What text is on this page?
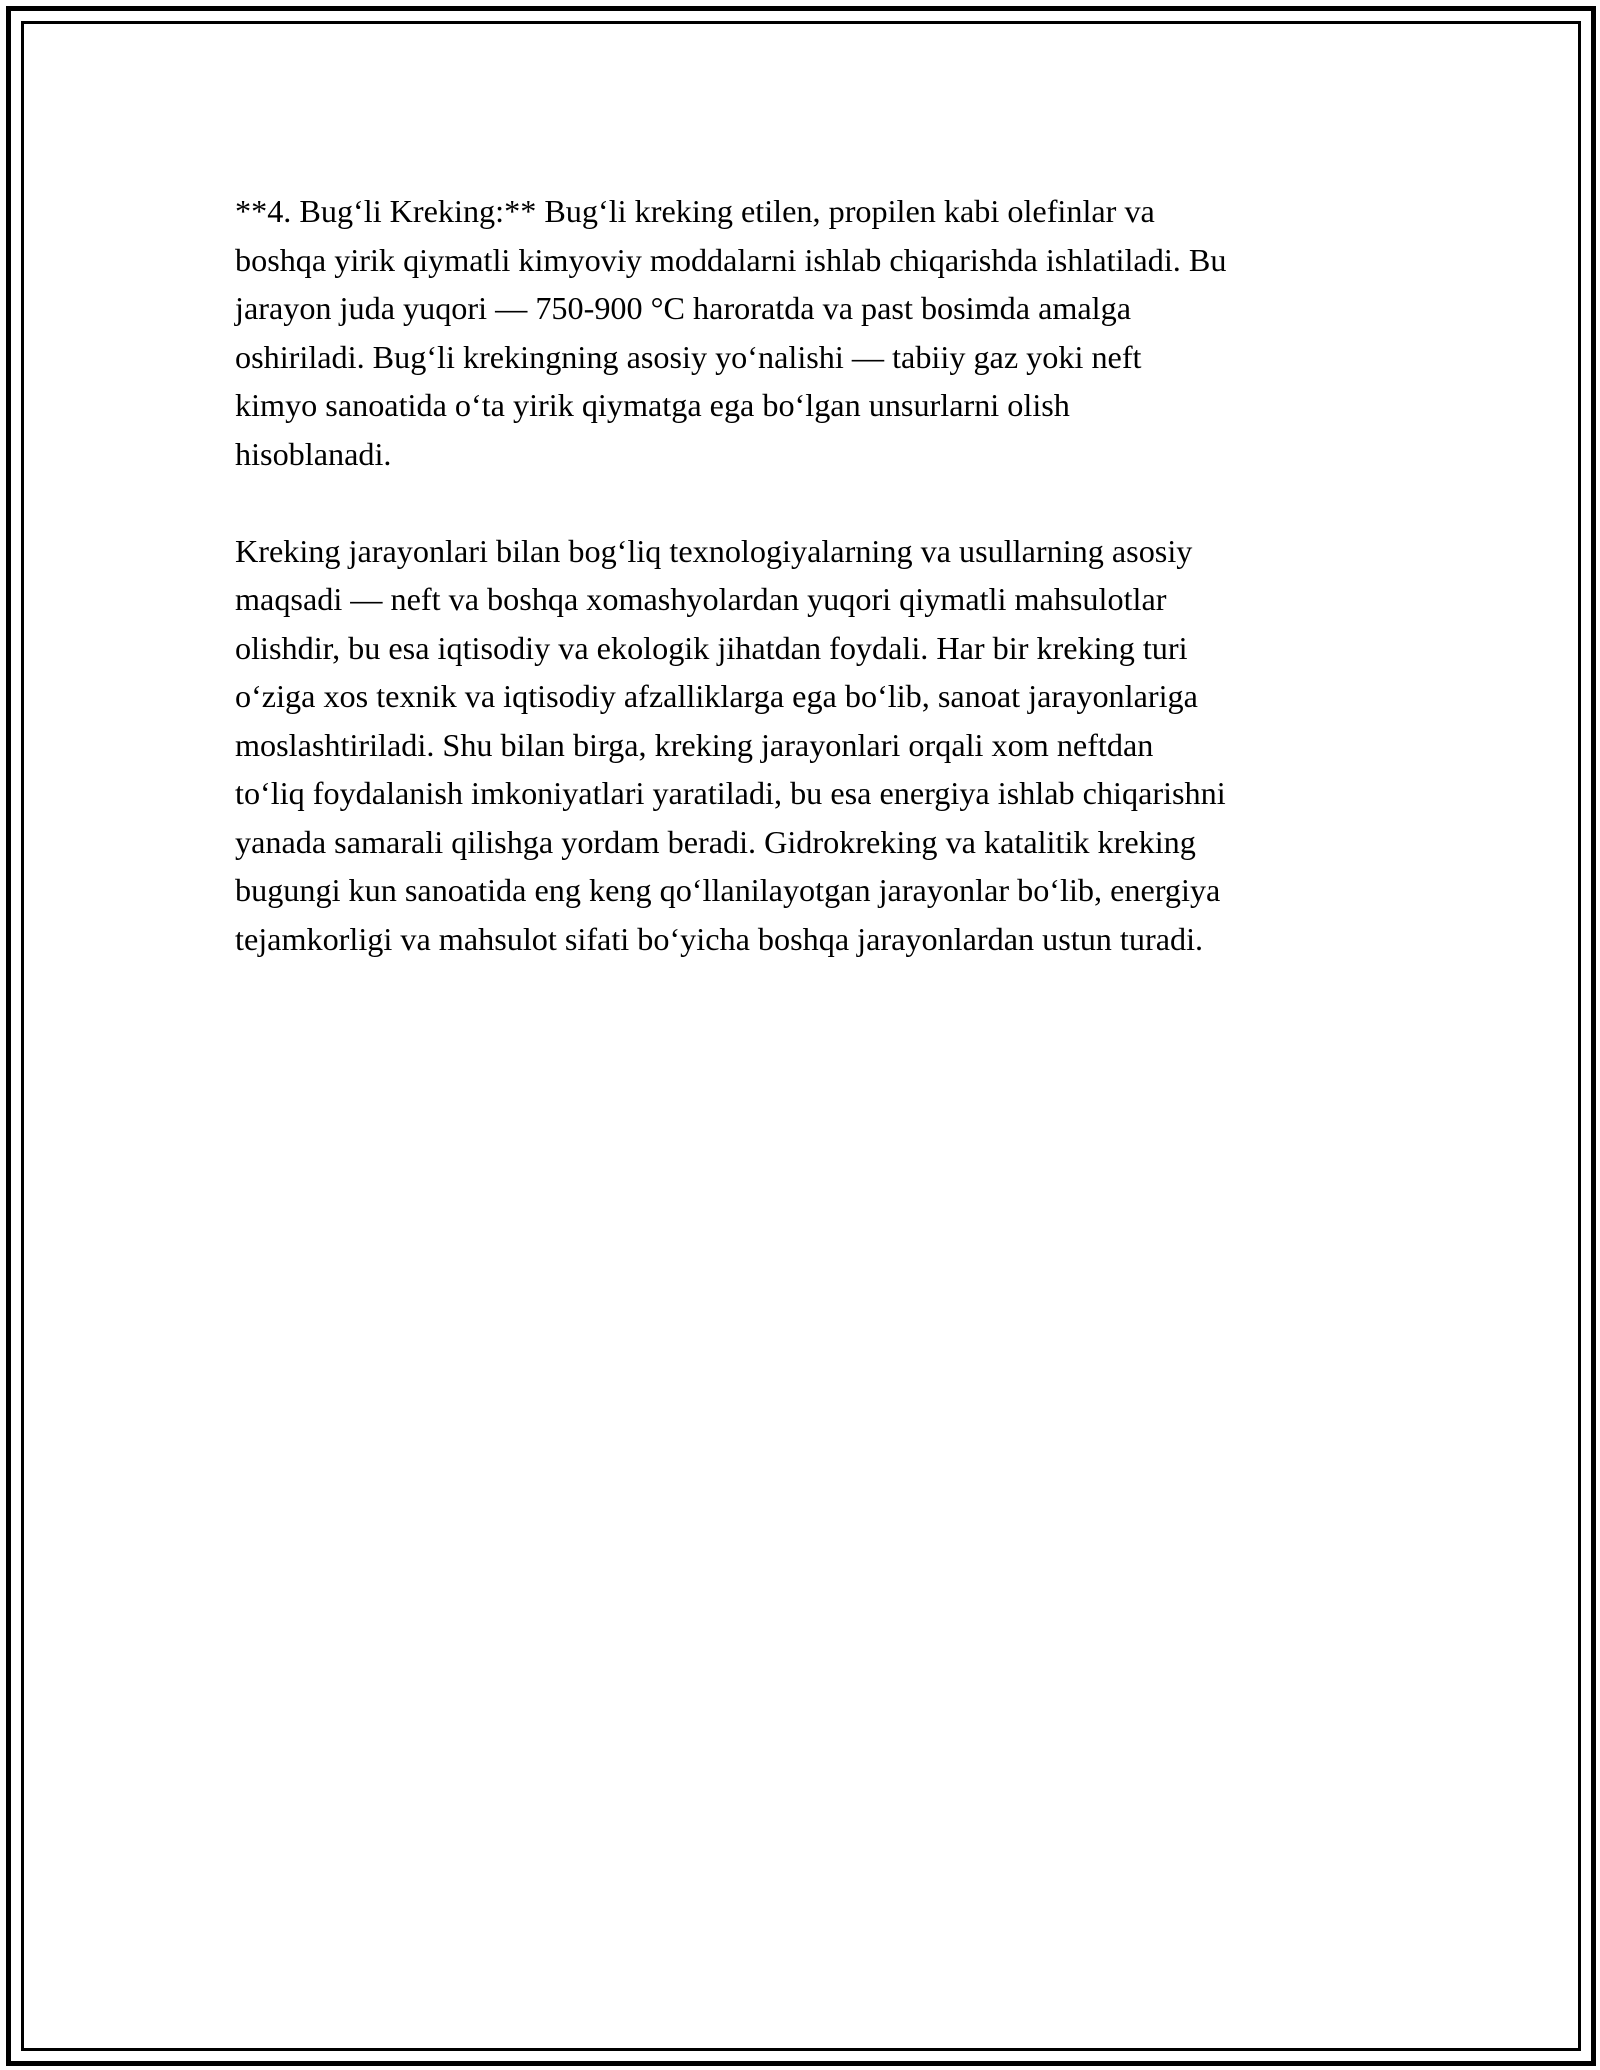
**4. Bug‘li Kreking:** Bug‘li kreking etilen, propilen kabi olefinlar va
boshqa yirik qiymatli kimyoviy moddalarni ishlab chiqarishda ishlatiladi. Bu
jarayon juda yuqori — 750-900 °C haroratda va past bosimda amalga
oshiriladi. Bug‘li krekingning asosiy yo‘nalishi — tabiiy gaz yoki neft
kimyo sanoatida o‘ta yirik qiymatga ega bo‘lgan unsurlarni olish
hisoblanadi.

Kreking jarayonlari bilan bog‘liq texnologiyalarning va usullarning asosiy
maqsadi — neft va boshqa xomashyolardan yuqori qiymatli mahsulotlar
olishdir, bu esa iqtisodiy va ekologik jihatdan foydali. Har bir kreking turi
o‘ziga xos texnik va iqtisodiy afzalliklarga ega bo‘lib, sanoat jarayonlariga
moslashtiriladi. Shu bilan birga, kreking jarayonlari orqali xom neftdan
to‘liq foydalanish imkoniyatlari yaratiladi, bu esa energiya ishlab chiqarishni
yanada samarali qilishga yordam beradi. Gidrokreking va katalitik kreking
bugungi kun sanoatida eng keng qo‘llanilayotgan jarayonlar bo‘lib, energiya
tejamkorligi va mahsulot sifati bo‘yicha boshqa jarayonlardan ustun turadi.
